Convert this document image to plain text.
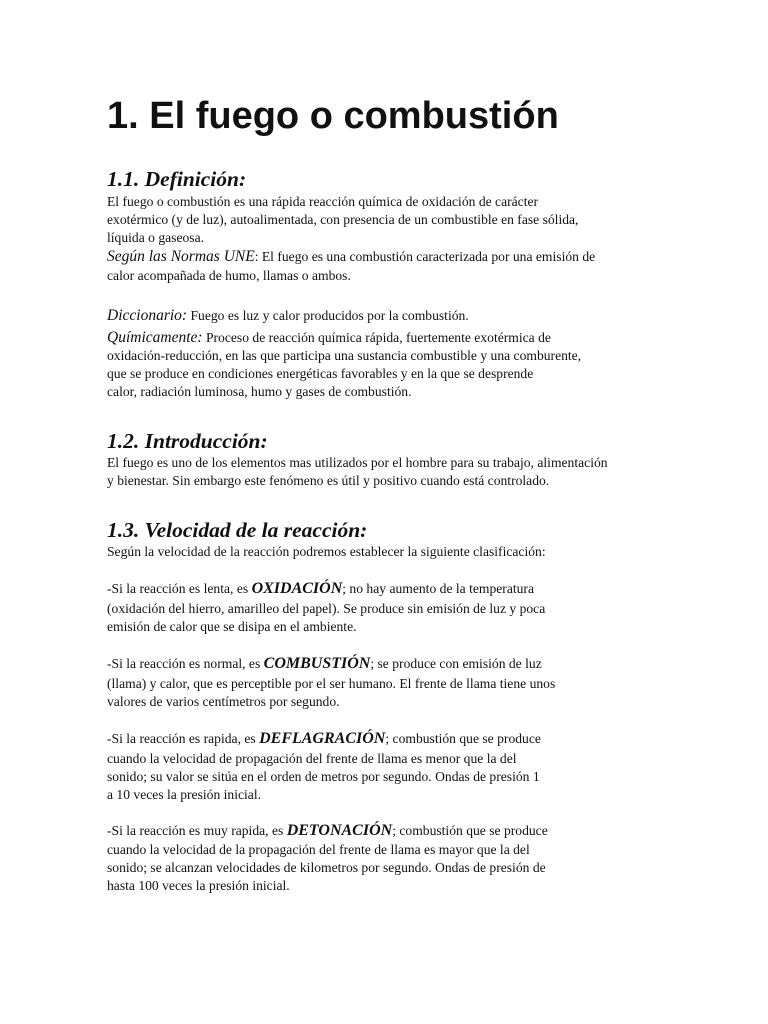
1. El fuego o combustión
1.1. Definición:

El fuego o combustión es una rápida reacción química de oxidación de carácter

exotérmico (y de luz), autoalimentada, con presencia de un combustible en fase sólida,

líquida o gaseosa.

Según las Normas UNE: El fuego es una combustión caracterizada por una emisión de

calor acompañada de humo, llamas o ambos.

Diccionario: Fuego es luz y calor producidos por la combustión.

Químicamente: Proceso de reacción química rápida, fuertemente exotérmica de

oxidación-reducción, en las que participa una sustancia combustible y una comburente,

que se produce en condiciones energéticas favorables y en la que se desprende

calor, radiación luminosa, humo y gases de combustión.

1.2. Introducción:

El fuego es uno de los elementos mas utilizados por el hombre para su trabajo, alimentación

y bienestar. Sin embargo este fenómeno es útil y positivo cuando está controlado.

1.3. Velocidad de la reacción:

Según la velocidad de la reacción podremos establecer la siguiente clasificación:

-Si la reacción es lenta, es OXIDACIÓN; no hay aumento de la temperatura

(oxidación del hierro, amarilleo del papel). Se produce sin emisión de luz y poca

emisión de calor que se disipa en el ambiente.

-Si la reacción es normal, es COMBUSTIÓN; se produce con emisión de luz

(llama) y calor, que es perceptible por el ser humano. El frente de llama tiene unos

valores de varios centímetros por segundo.

-Si la reacción es rapida, es DEFLAGRACIÓN; combustión que se produce

cuando la velocidad de propagación del frente de llama es menor que la del

sonido; su valor se sitúa en el orden de metros por segundo. Ondas de presión 1

a 10 veces la presión inicial.

-Si la reacción es muy rapida, es DETONACIÓN; combustión que se produce

cuando la velocidad de la propagación del frente de llama es mayor que la del

sonido; se alcanzan velocidades de kilometros por segundo. Ondas de presión de

hasta 100 veces la presión inicial.
